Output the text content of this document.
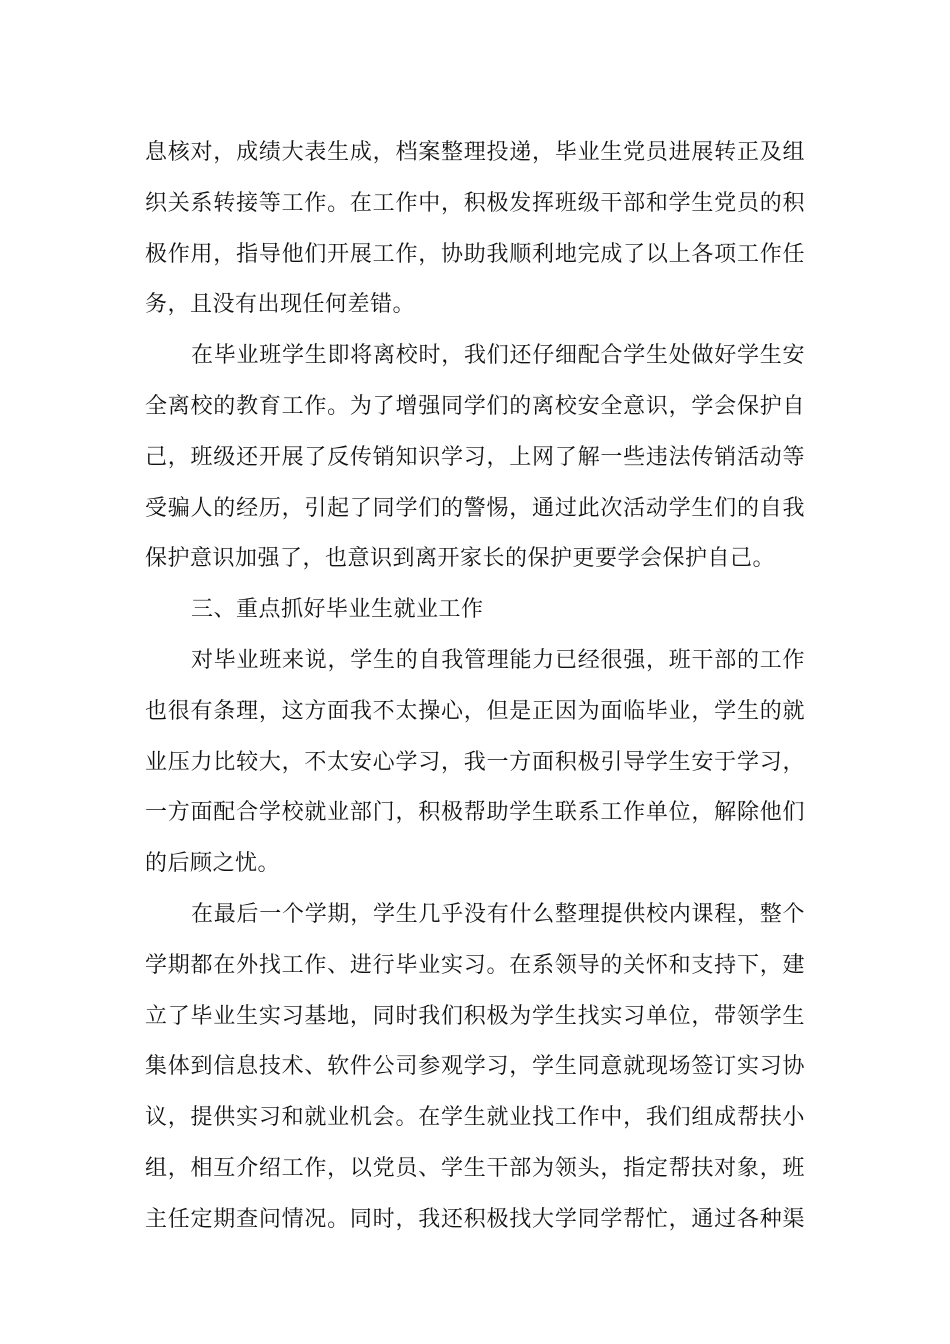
息核对，成绩大表生成，档案整理投递，毕业生党员进展转正及组
织关系转接等工作。在工作中，积极发挥班级干部和学生党员的积
极作用，指导他们开展工作，协助我顺利地完成了以上各项工作任
务，且没有出现任何差错。
在毕业班学生即将离校时，我们还仔细配合学生处做好学生安
全离校的教育工作。为了增强同学们的离校安全意识，学会保护自
己，班级还开展了反传销知识学习，上网了解一些违法传销活动等
受骗人的经历，引起了同学们的警惕，通过此次活动学生们的自我
保护意识加强了，也意识到离开家长的保护更要学会保护自己。
三、重点抓好毕业生就业工作
对毕业班来说，学生的自我管理能力已经很强，班干部的工作
也很有条理，这方面我不太操心，但是正因为面临毕业，学生的就
业压力比较大，不太安心学习，我一方面积极引导学生安于学习，
一方面配合学校就业部门，积极帮助学生联系工作单位，解除他们
的后顾之忧。
在最后一个学期，学生几乎没有什么整理提供校内课程，整个
学期都在外找工作、进行毕业实习。在系领导的关怀和支持下，建
立了毕业生实习基地，同时我们积极为学生找实习单位，带领学生
集体到信息技术、软件公司参观学习，学生同意就现场签订实习协
议，提供实习和就业机会。在学生就业找工作中，我们组成帮扶小
组，相互介绍工作，以党员、学生干部为领头，指定帮扶对象，班
主任定期查问情况。同时，我还积极找大学同学帮忙，通过各种渠
